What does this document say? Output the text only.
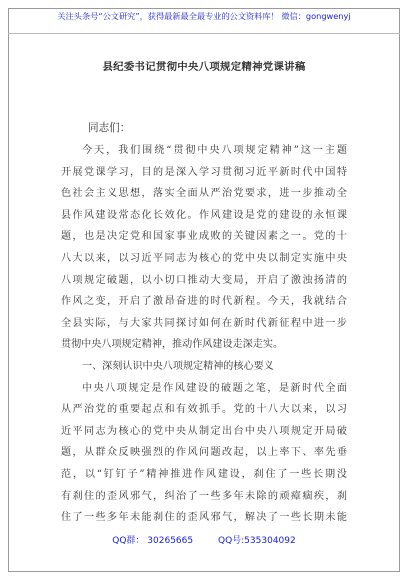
关注头条号“公文研究”，获得最新最全最专业的公文资料库！ 微信：gongwenyj
县纪委书记贯彻中央八项规定精神党课讲稿
同志们：
今天，我们围绕“贯彻中央八项规定精神”这一主题
开展党课学习，目的是深入学习贯彻习近平新时代中国特
色社会主义思想，落实全面从严治党要求，进一步推动全
县作风建设常态化长效化。作风建设是党的建设的永恒课
题，也是决定党和国家事业成败的关键因素之一。党的十
八大以来，以习近平同志为核心的党中央以制定实施中央
八项规定破题，以小切口推动大变局，开启了激浊扬清的
作风之变，开启了激昂奋进的时代新程。今天，我就结合
全县实际，与大家共同探讨如何在新时代新征程中进一步
贯彻中央八项规定精神，推动作风建设走深走实。
一、深刻认识中央八项规定精神的核心要义
中央八项规定是作风建设的破题之笔，是新时代全面
从严治党的重要起点和有效抓手。党的十八大以来，以习
近平同志为核心的党中央从制定出台中央八项规定开局破
题，从群众反映强烈的作风问题改起，以上率下、率先垂
范，以“钉钉子”精神推进作风建设，刹住了一些长期没
有刹住的歪风邪气，纠治了一些多年未除的顽瘴痼疾，刹
住了一些多年未能刹住的歪风邪气，解决了一些长期未能
QQ群： 30265665	QQ号:535304092
